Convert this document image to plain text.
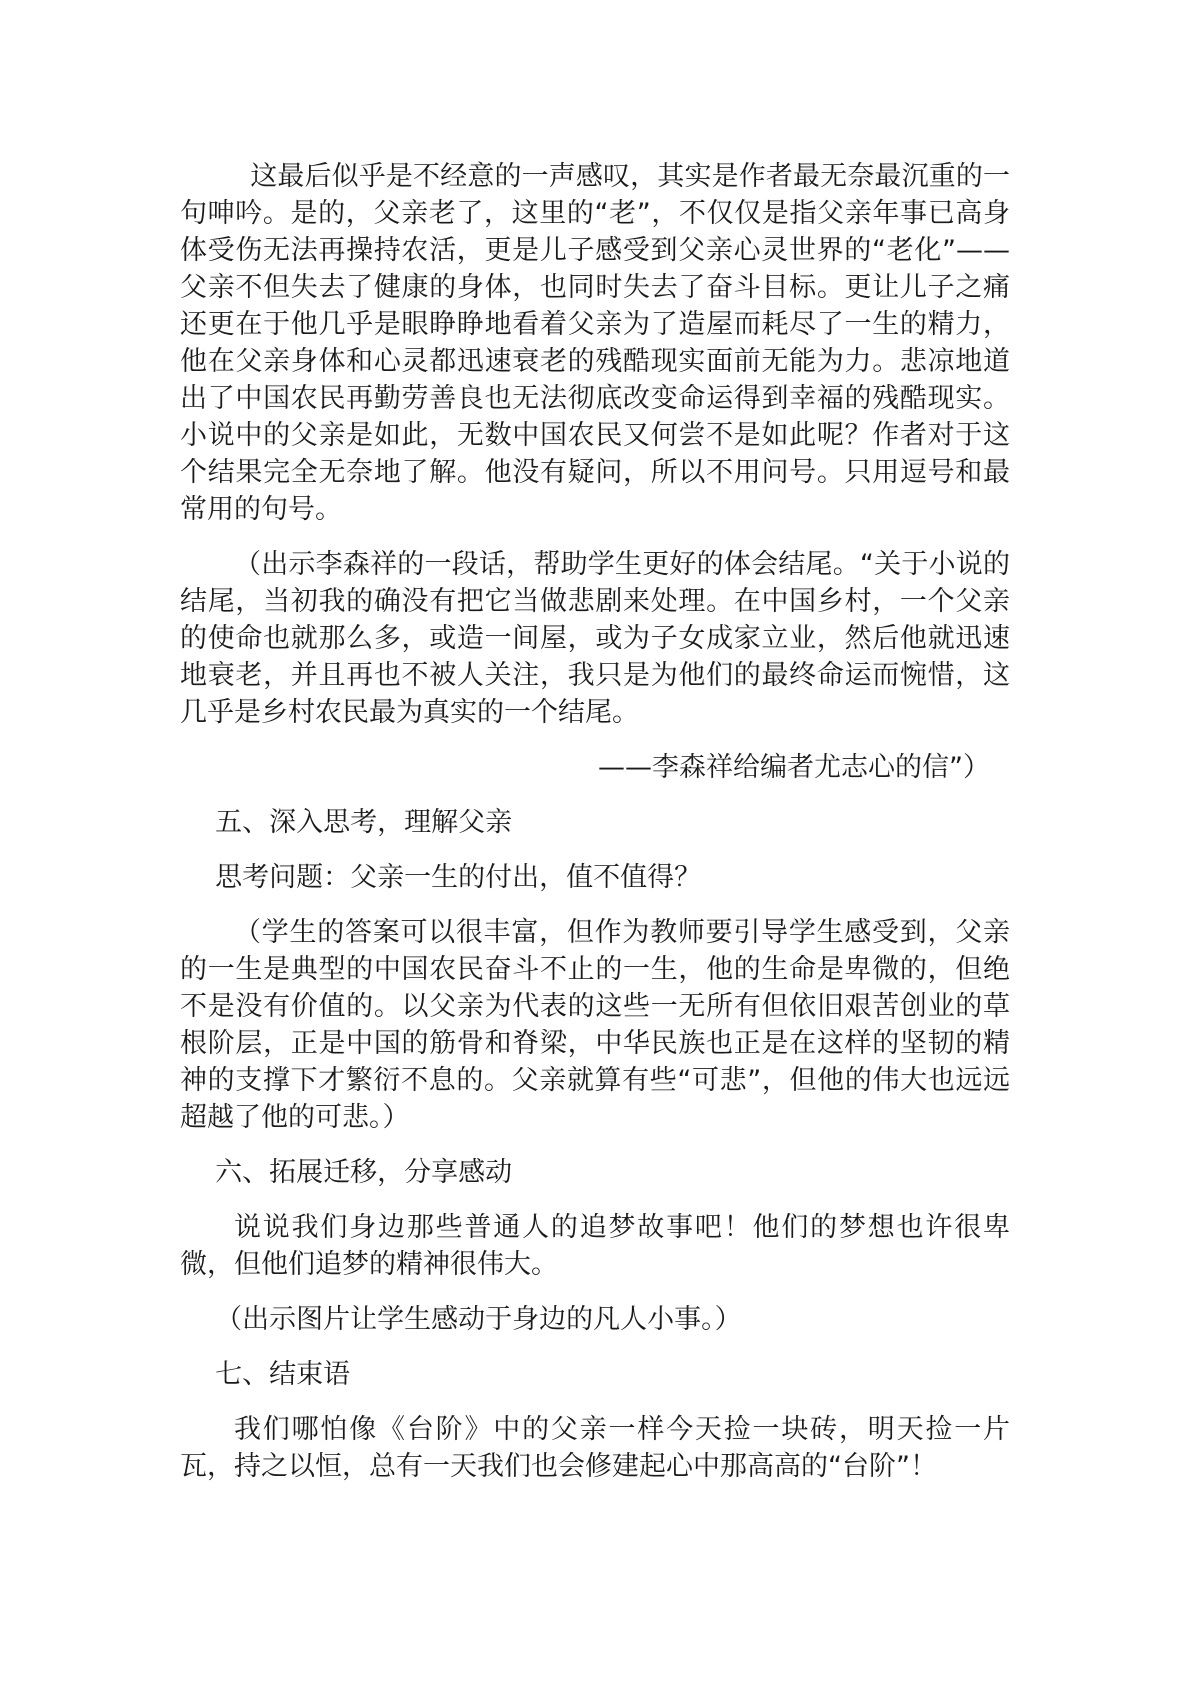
这最后似乎是不经意的一声感叹，其实是作者最无奈最沉重的一句呻吟。是的，父亲老了，这里的“老”，不仅仅是指父亲年事已高身体受伤无法再操持农活，更是儿子感受到父亲心灵世界的“老化”——父亲不但失去了健康的身体，也同时失去了奋斗目标。更让儿子之痛还更在于他几乎是眼睁睁地看着父亲为了造屋而耗尽了一生的精力，他在父亲身体和心灵都迅速衰老的残酷现实面前无能为力。悲凉地道出了中国农民再勤劳善良也无法彻底改变命运得到幸福的残酷现实。小说中的父亲是如此，无数中国农民又何尝不是如此呢？作者对于这个结果完全无奈地了解。他没有疑问，所以不用问号。只用逗号和最常用的句号。

（出示李森祥的一段话，帮助学生更好的体会结尾。“关于小说的结尾，当初我的确没有把它当做悲剧来处理。在中国乡村，一个父亲的使命也就那么多，或造一间屋，或为子女成家立业，然后他就迅速地衰老，并且再也不被人关注，我只是为他们的最终命运而惋惜，这几乎是乡村农民最为真实的一个结尾。

——李森祥给编者尤志心的信”）

五、深入思考，理解父亲

思考问题：父亲一生的付出，值不值得？

（学生的答案可以很丰富，但作为教师要引导学生感受到，父亲的一生是典型的中国农民奋斗不止的一生，他的生命是卑微的，但绝不是没有价值的。以父亲为代表的这些一无所有但依旧艰苦创业的草根阶层，正是中国的筋骨和脊梁，中华民族也正是在这样的坚韧的精神的支撑下才繁衍不息的。父亲就算有些“可悲”，但他的伟大也远远超越了他的可悲。）

六、拓展迁移，分享感动

说说我们身边那些普通人的追梦故事吧！他们的梦想也许很卑微，但他们追梦的精神很伟大。

（出示图片让学生感动于身边的凡人小事。）

七、结束语

我们哪怕像《台阶》中的父亲一样今天捡一块砖，明天捡一片瓦，持之以恒，总有一天我们也会修建起心中那高高的“台阶”！
